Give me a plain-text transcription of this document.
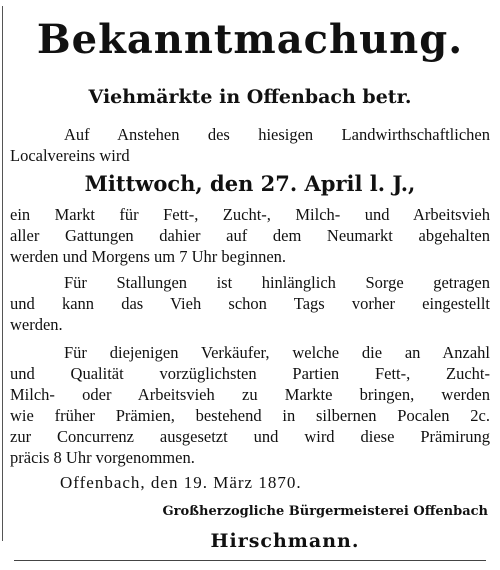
Bekanntmachung.
Viehmärkte in Offenbach betr.
Auf Anstehen des hiesigen Landwirthschaftlichen
Localvereins wird
Mittwoch, den 27. April l. J.,
ein Markt für Fett-, Zucht-, Milch- und Arbeitsvieh
aller Gattungen dahier auf dem Neumarkt abgehalten
werden und Morgens um 7 Uhr beginnen.
Für Stallungen ist hinlänglich Sorge getragen
und kann das Vieh schon Tags vorher eingestellt
werden.
Für diejenigen Verkäufer, welche die an Anzahl
und Qualität vorzüglichsten Partien Fett-, Zucht-
Milch- oder Arbeitsvieh zu Markte bringen, werden
wie früher Prämien, bestehend in silbernen Pocalen 2c.
zur Concurrenz ausgesetzt und wird diese Prämirung
präcis 8 Uhr vorgenommen.
Offenbach, den 19. März 1870.
Großherzogliche Bürgermeisterei Offenbach
Hirschmann.
